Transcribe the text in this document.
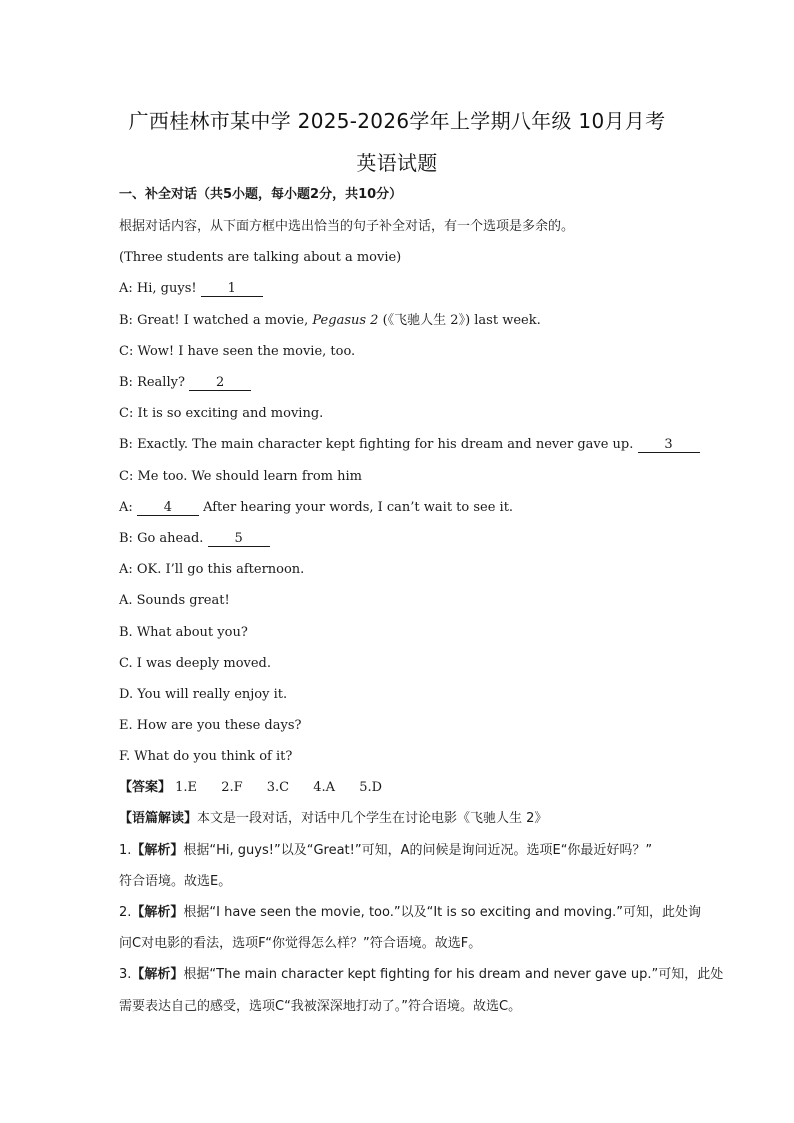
广西桂林市某中学 2025-2026学年上学期八年级 10月月考
英语试题
一、补全对话（共5小题，每小题2分，共10分）
根据对话内容，从下面方框中选出恰当的句子补全对话，有一个选项是多余的。
(Three students are talking about a movie)
A: Hi, guys! 1
B: Great! I watched a movie, Pegasus 2 (《飞驰人生 2》) last week.
C: Wow! I have seen the movie, too.
B: Really? 2
C: It is so exciting and moving.
B: Exactly. The main character kept fighting for his dream and never gave up. 3
C: Me too. We should learn from him
A: 4 After hearing your words, I can’t wait to see it.
B: Go ahead. 5
A: OK. I’ll go this afternoon.
A. Sounds great!
B. What about you?
C. I was deeply moved.
D. You will really enjoy it.
E. How are you these days?
F. What do you think of it?
【答案】 1.E 2.F 3.C 4.A 5.D
【语篇解读】本文是一段对话，对话中几个学生在讨论电影《飞驰人生 2》
1.【解析】根据“Hi, guys!”以及“Great!”可知，A的问候是询问近况。选项E“你最近好吗？”
符合语境。故选E。
2.【解析】根据“I have seen the movie, too.”以及“It is so exciting and moving.”可知，此处询
问C对电影的看法，选项F“你觉得怎么样？”符合语境。故选F。
3.【解析】根据“The main character kept fighting for his dream and never gave up.”可知，此处
需要表达自己的感受，选项C“我被深深地打动了。”符合语境。故选C。
